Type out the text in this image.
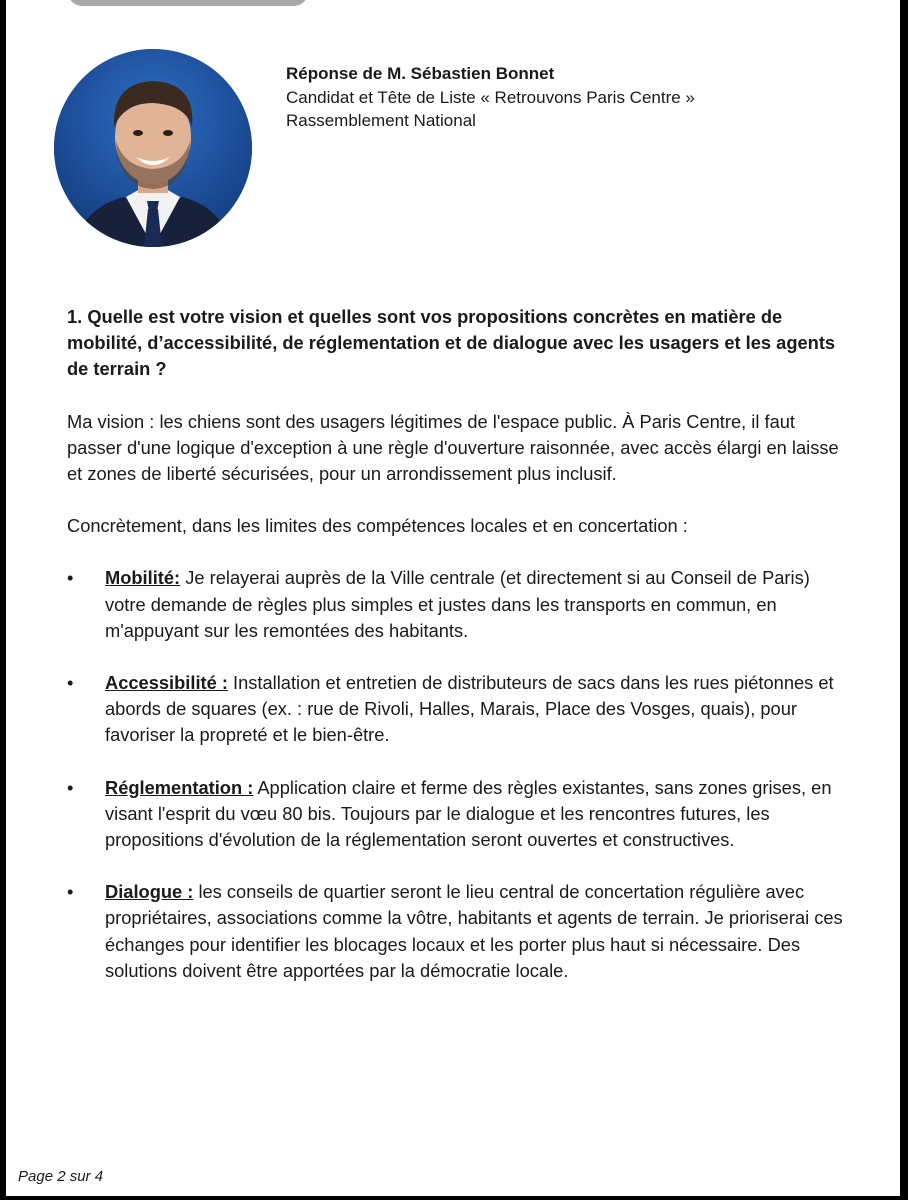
Réponse de M. Sébastien Bonnet
Candidat et Tête de Liste « Retrouvons Paris Centre »
Rassemblement National

1. Quelle est votre vision et quelles sont vos propositions concrètes en matière de mobilité, d’accessibilité, de réglementation et de dialogue avec les usagers et les agents de terrain ?

Ma vision : les chiens sont des usagers légitimes de l'espace public. À Paris Centre, il faut passer d'une logique d'exception à une règle d'ouverture raisonnée, avec accès élargi en laisse et zones de liberté sécurisées, pour un arrondissement plus inclusif.

Concrètement, dans les limites des compétences locales et en concertation :

• Mobilité: Je relayerai auprès de la Ville centrale (et directement si au Conseil de Paris) votre demande de règles plus simples et justes dans les transports en commun, en m'appuyant sur les remontées des habitants.
• Accessibilité : Installation et entretien de distributeurs de sacs dans les rues piétonnes et abords de squares (ex. : rue de Rivoli, Halles, Marais, Place des Vosges, quais), pour favoriser la propreté et le bien-être.
• Réglementation : Application claire et ferme des règles existantes, sans zones grises, en visant l'esprit du vœu 80 bis. Toujours par le dialogue et les rencontres futures, les propositions d'évolution de la réglementation seront ouvertes et constructives.
• Dialogue : les conseils de quartier seront le lieu central de concertation régulière avec propriétaires, associations comme la vôtre, habitants et agents de terrain. Je prioriserai ces échanges pour identifier les blocages locaux et les porter plus haut si nécessaire. Des solutions doivent être apportées par la démocratie locale.
Page 2 sur 4
